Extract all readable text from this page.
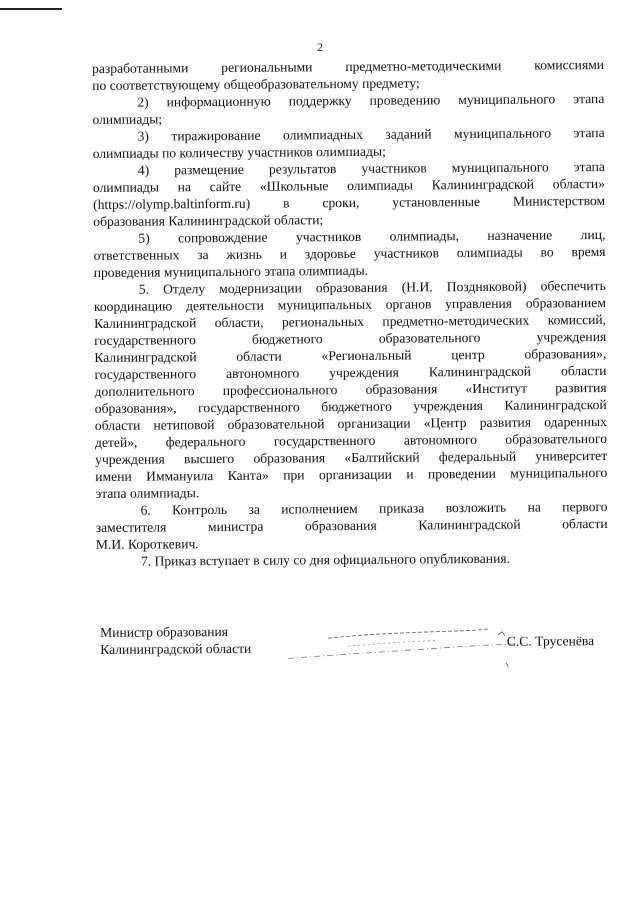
2
разработанными региональными предметно-методическими комиссиями
по соответствующему общеобразовательному предмету;
2) информационную поддержку проведению муниципального этапа
олимпиады;
3) тиражирование олимпиадных заданий муниципального этапа
олимпиады по количеству участников олимпиады;
4) размещение результатов участников муниципального этапа
олимпиады на сайте «Школьные олимпиады Калининградской области»
(https://olymp.baltinform.ru) в сроки, установленные Министерством
образования Калининградской области;
5) сопровождение участников олимпиады, назначение лиц,
ответственных за жизнь и здоровье участников олимпиады во время
проведения муниципального этапа олимпиады.
5. Отделу модернизации образования (Н.И. Поздняковой) обеспечить
координацию деятельности муниципальных органов управления образованием
Калининградской области, региональных предметно-методических комиссий,
государственного бюджетного образовательного учреждения
Калининградской области «Региональный центр образования»,
государственного автономного учреждения Калининградской области
дополнительного профессионального образования «Институт развития
образования», государственного бюджетного учреждения Калининградской
области нетиповой образовательной организации «Центр развития одаренных
детей», федерального государственного автономного образовательного
учреждения высшего образования «Балтийский федеральный университет
имени Иммануила Канта» при организации и проведении муниципального
этапа олимпиады.
6. Контроль за исполнением приказа возложить на первого
заместителя министра образования Калининградской области
М.И. Короткевич.
7. Приказ вступает в силу со дня официального опубликования.
Министр образования
Калининградской области	С.С. Трусенёва
